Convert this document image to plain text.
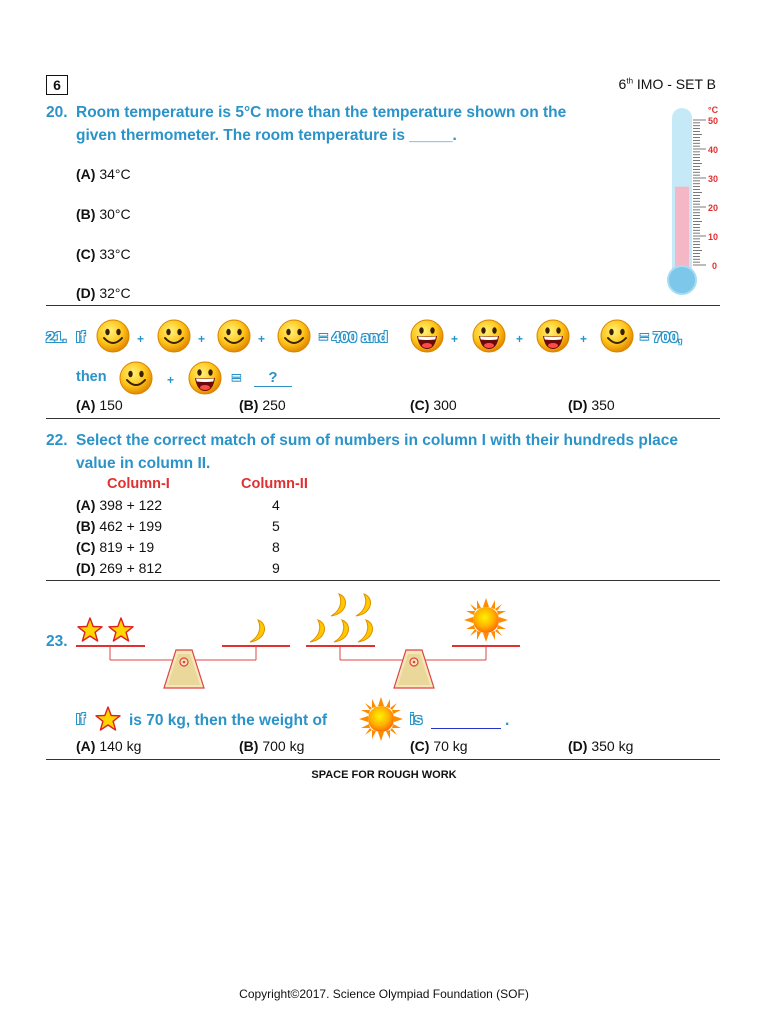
6	6th IMO - SET B
20. Room temperature is 5°C more than the temperature shown on the
given thermometer. The room temperature is _____.
(A) 34°C
(B) 30°C
(C) 33°C
(D) 32°C
°C
50
40
30
20
10
0
21. If	+	+	+	= 400 and	+	+	+	= 700,
then	+	=	?
(A) 150	(B) 250	(C) 300	(D) 350
22. Select the correct match of sum of numbers in column I with their hundreds place
value in column II.
Column-I	Column-II
(A) 398 + 122	4
(B) 462 + 199	5
(C) 819 + 19	8
(D) 269 + 812	9
23.
If	is 70 kg, then the weight of	is	.
(A) 140 kg	(B) 700 kg	(C) 70 kg	(D) 350 kg
SPACE FOR ROUGH WORK
Copyright©2017. Science Olympiad Foundation (SOF)
